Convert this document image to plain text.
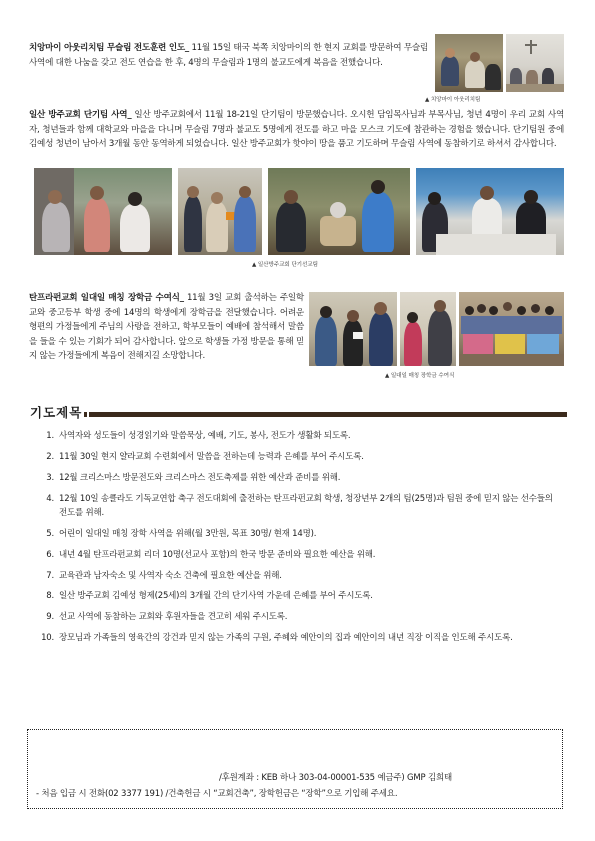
치앙마이 아웃리치팀 무슬림 전도훈련 인도_ 11월 15일 태국 북쪽 치앙마이의 한 현지 교회를 방문하여 무슬림 사역에 대한 나눔을 갖고 전도 연습을 한 후, 4명의 무슬림과 1명의 불교도에게 복음을 전했습니다.
▲ 치앙마이 아웃리치팀
일산 방주교회 단기팀 사역_ 일산 방주교회에서 11월 18-21일 단기팀이 방문했습니다. 오시헌 담임목사님과 부목사님, 청년 4명이 우리 교회 사역자, 청년들과 함께 대학교와 마을을 다니며 무슬림 7명과 불교도 5명에게 전도를 하고 마을 모스크 기도에 참관하는 경험을 했습니다. 단기팀원 중에 김예성 청년이 남아서 3개월 동안 동역하게 되었습니다. 일산 방주교회가 핫야이 땅을 품고 기도하며 무슬림 사역에 동참하기로 하셔서 감사합니다.
▲ 일산방주교회 단기선교팀
탄프라펀교회 일대일 매칭 장학금 수여식_ 11월 3일 교회 출석하는 주일학교와 중고등부 학생 중에 14명의 학생에게 장학금을 전달했습니다. 어려운 형편의 가정들에게 주님의 사랑을 전하고, 학부모들이 예배에 참석해서 말씀을 들을 수 있는 기회가 되어 감사합니다. 앞으로 학생들 가정 방문을 통해 믿지 않는 가정들에게 복음이 전해지길 소망합니다.
▲ 일대일 매칭 장학금 수여식
기도제목
1. 사역자와 성도들이 성경읽기와 말씀묵상, 예배, 기도, 봉사, 전도가 생활화 되도록.
2. 11월 30일 현지 얄라교회 수련회에서 말씀을 전하는데 능력과 은혜를 부어 주시도록.
3. 12월 크리스마스 방문전도와 크리스마스 전도축제를 위한 예산과 준비를 위해.
4. 12월 10일 송클라도 기독교연합 축구 전도대회에 출전하는 탄프라펀교회 학생, 청장년부 2개의 팀(25명)과 팀원 중에 믿지 않는 선수들의 전도를 위해.
5. 어린이 일대일 매칭 장학 사역을 위해(월 3만원, 목표 30명/ 현재 14명).
6. 내년 4월 탄프라펀교회 리더 10명(선교사 포함)의 한국 방문 준비와 필요한 예산을 위해.
7. 교육관과 남자숙소 및 사역자 숙소 건축에 필요한 예산을 위해.
8. 일산 방주교회 김예성 형제(25세)의 3개월 간의 단기사역 가운데 은혜를 부어 주시도록.
9. 선교 사역에 동참하는 교회와 후원자들을 견고히 세워 주시도록.
10. 장모님과 가족들의 영육간의 강건과 믿지 않는 가족의 구원, 주혜와 예안이의 집과 예안이의 내년 직장 이직을 인도해 주시도록.
/후원계좌 : KEB 하나 303-04-00001-535 예금주) GMP 김희태
- 처음 입금 시 전화(02 3377 191) /건축헌금 시 “교회건축”, 장학헌금은 “장학”으로 기입해 주세요.
